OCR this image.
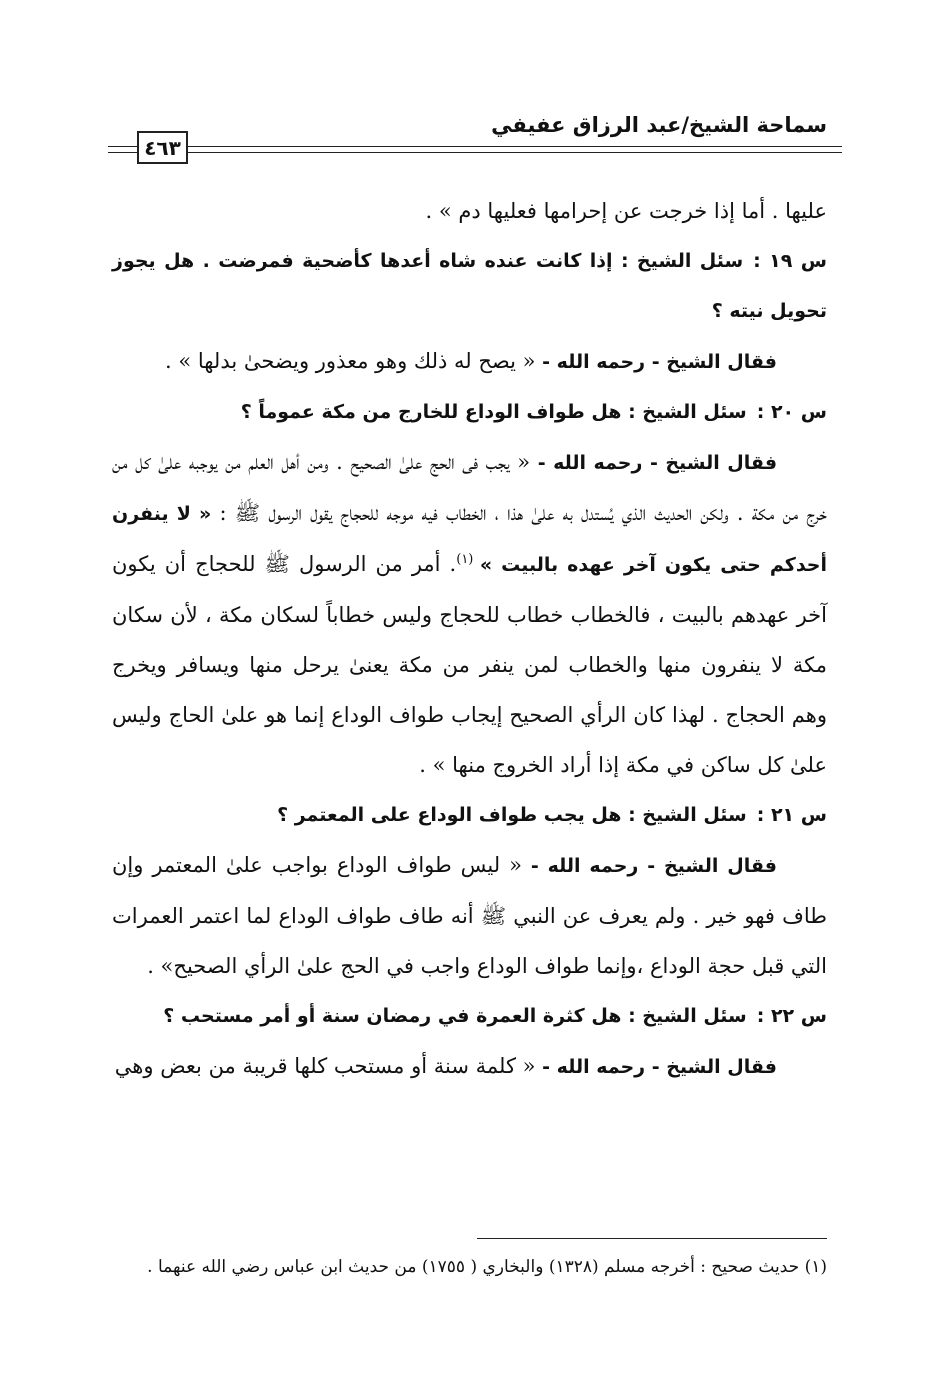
سماحة الشيخ/عبد الرزاق عفيفي
٤٦٣

عليها . أما إذا خرجت عن إحرامها فعليها دم » .

س ١٩ :سئل الشيخ : إذا كانت عنده شاه أعدها كأضحية فمرضت . هل يجوز تحويل نيته ؟

فقال الشيخ - رحمه الله - « يصح له ذلك وهو معذور ويضحىٰ بدلها » .

س ٢٠ :سئل الشيخ : هل طواف الوداع للخارج من مكة عموماً ؟

فقال الشيخ - رحمه الله - « يجب فى الحج علىٰ الصحيح . ومن أهل العلم من يوجبه علىٰ كل من خرج من مكة . ولكن الحديث الذي يُستدل به علىٰ هذا ، الخطاب فيه موجه للحجاج يقول الرسول ﷺ : « لا ينفرن أحدكم حتى يكون آخر عهده بالبيت » $^{(١)}$. أمر من الرسول ﷺ للحجاج أن يكون آخر عهدهم بالبيت ، فالخطاب خطاب للحجاج وليس خطاباً لسكان مكة ، لأن سكان مكة لا ينفرون منها والخطاب لمن ينفر من مكة يعنىٰ يرحل منها ويسافر ويخرج وهم الحجاج . لهذا كان الرأي الصحيح إيجاب طواف الوداع إنما هو علىٰ الحاج وليس علىٰ كل ساكن في مكة إذا أراد الخروج منها » .

س ٢١ :سئل الشيخ : هل يجب طواف الوداع على المعتمر ؟

فقال الشيخ - رحمه الله - « ليس طواف الوداع بواجب علىٰ المعتمر وإن طاف فهو خير . ولم يعرف عن النبي ﷺ أنه طاف طواف الوداع لما اعتمر العمرات التي قبل حجة الوداع ،وإنما طواف الوداع واجب في الحج علىٰ الرأي الصحيح» .

س ٢٢ :سئل الشيخ : هل كثرة العمرة في رمضان سنة أو أمر مستحب ؟

فقال الشيخ - رحمه الله - « كلمة سنة أو مستحب كلها قريبة من بعض وهي

(١) حديث صحيح : أخرجه مسلم (١٣٢٨) والبخاري ( ١٧٥٥) من حديث ابن عباس رضي الله عنهما .
